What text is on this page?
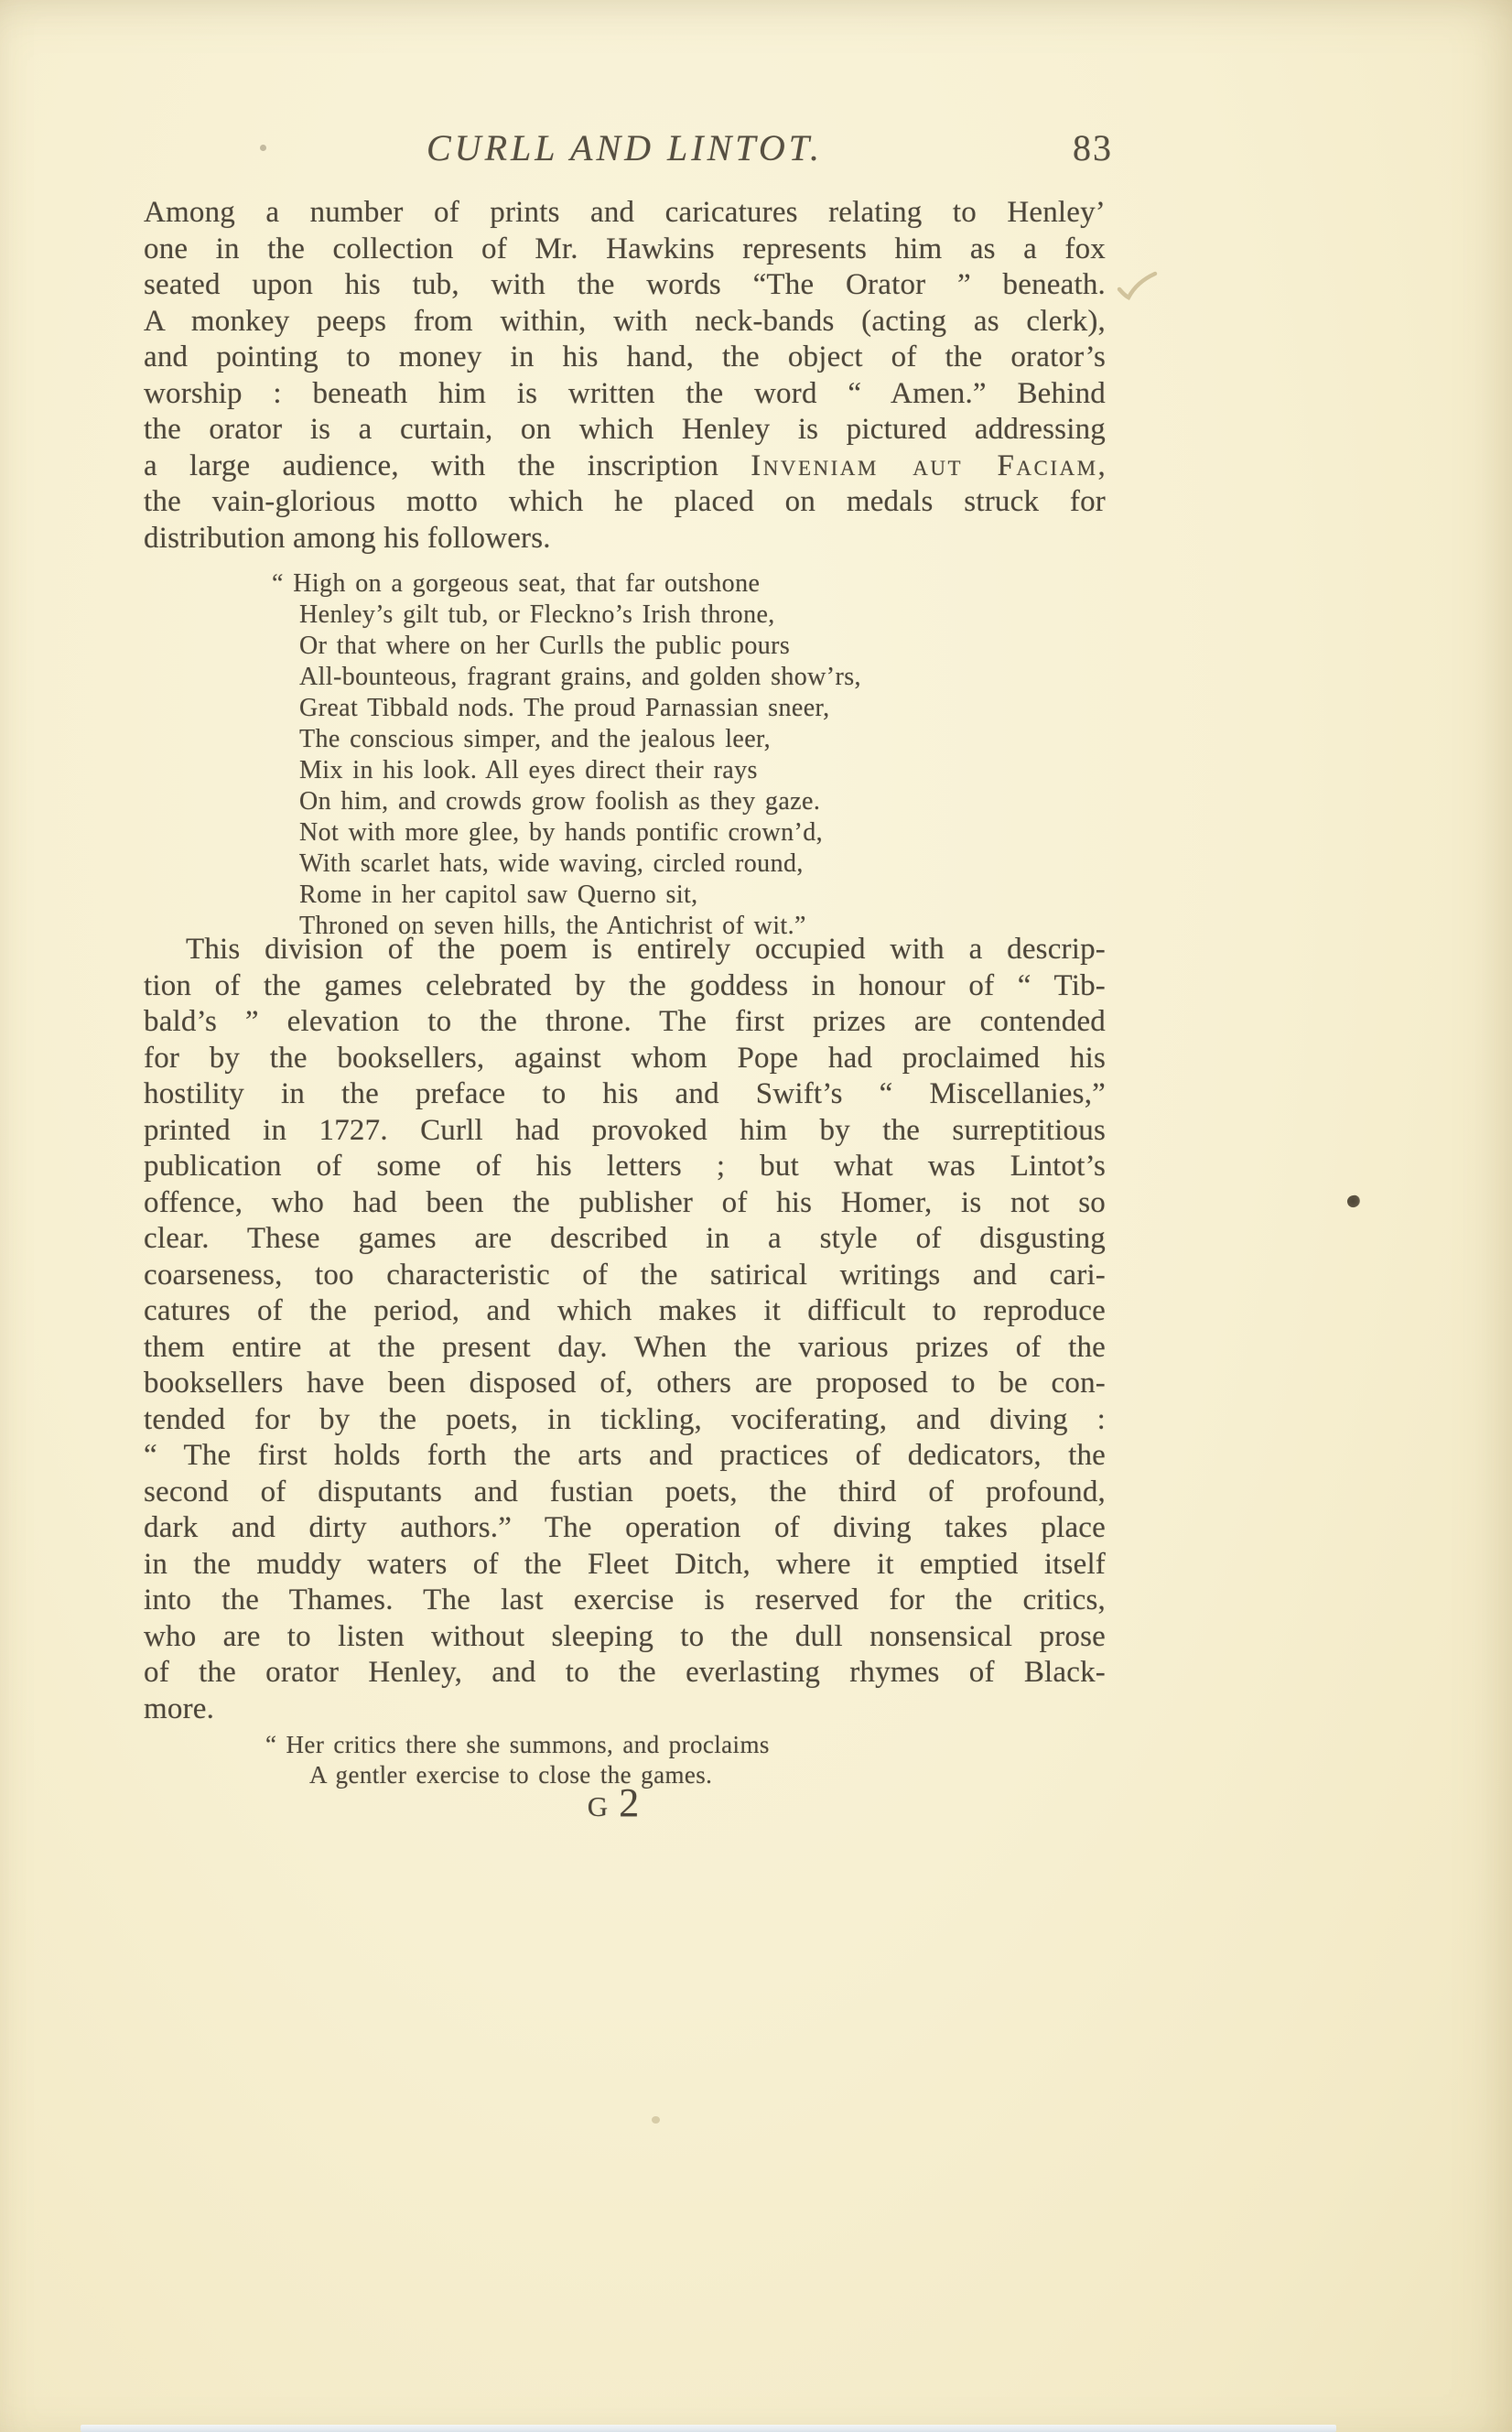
CURLL AND LINTOT.	83
Among a number of prints and caricatures relating to Henley’
one in the collection of Mr. Hawkins represents him as a fox
seated upon his tub, with the words “The Orator ” beneath.
A monkey peeps from within, with neck-bands (acting as clerk),
and pointing to money in his hand, the object of the orator’s
worship : beneath him is written the word “ Amen.” Behind
the orator is a curtain, on which Henley is pictured addressing
a large audience, with the inscription Inveniam aut Faciam,
the vain-glorious motto which he placed on medals struck for
distribution among his followers.
“ High on a gorgeous seat, that far outshone
Henley’s gilt tub, or Fleckno’s Irish throne,
Or that where on her Curlls the public pours
All-bounteous, fragrant grains, and golden show’rs,
Great Tibbald nods. The proud Parnassian sneer,
The conscious simper, and the jealous leer,
Mix in his look. All eyes direct their rays
On him, and crowds grow foolish as they gaze.
Not with more glee, by hands pontific crown’d,
With scarlet hats, wide waving, circled round,
Rome in her capitol saw Querno sit,
Throned on seven hills, the Antichrist of wit.”
This division of the poem is entirely occupied with a descrip-
tion of the games celebrated by the goddess in honour of “ Tib-
bald’s ” elevation to the throne. The first prizes are contended
for by the booksellers, against whom Pope had proclaimed his
hostility in the preface to his and Swift’s “ Miscellanies,”
printed in 1727. Curll had provoked him by the surreptitious
publication of some of his letters ; but what was Lintot’s
offence, who had been the publisher of his Homer, is not so
clear. These games are described in a style of disgusting
coarseness, too characteristic of the satirical writings and cari-
catures of the period, and which makes it difficult to reproduce
them entire at the present day. When the various prizes of the
booksellers have been disposed of, others are proposed to be con-
tended for by the poets, in tickling, vociferating, and diving :
“ The first holds forth the arts and practices of dedicators, the
second of disputants and fustian poets, the third of profound,
dark and dirty authors.” The operation of diving takes place
in the muddy waters of the Fleet Ditch, where it emptied itself
into the Thames. The last exercise is reserved for the critics,
who are to listen without sleeping to the dull nonsensical prose
of the orator Henley, and to the everlasting rhymes of Black-
more.
“ Her critics there she summons, and proclaims
A gentler exercise to close the games.
G 2
